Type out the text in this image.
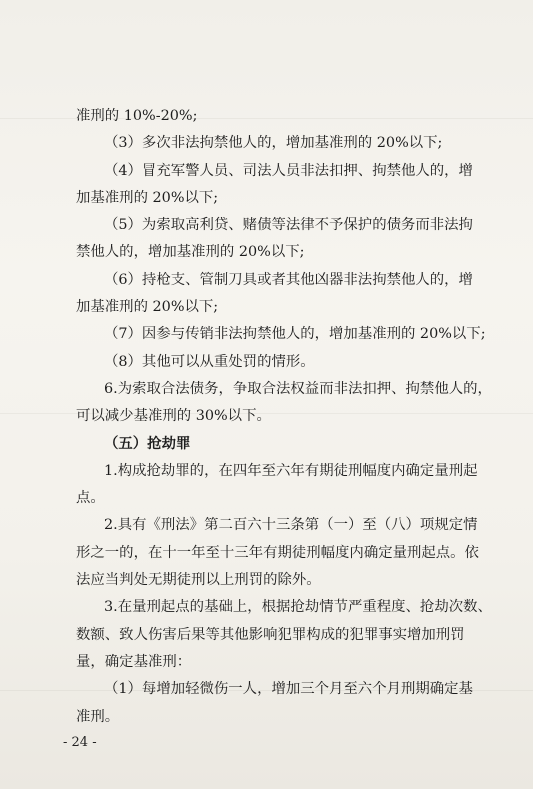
准刑的 10%-20%;
（3）多次非法拘禁他人的，增加基准刑的 20%以下;
（4）冒充军警人员、司法人员非法扣押、拘禁他人的，增
加基准刑的 20%以下;
（5）为索取高利贷、赌债等法律不予保护的债务而非法拘
禁他人的，增加基准刑的 20%以下;
（6）持枪支、管制刀具或者其他凶器非法拘禁他人的，增
加基准刑的 20%以下;
（7）因参与传销非法拘禁他人的，增加基准刑的 20%以下;
（8）其他可以从重处罚的情形。
6.为索取合法债务，争取合法权益而非法扣押、拘禁他人的，
可以减少基准刑的 30%以下。
（五）抢劫罪
1.构成抢劫罪的，在四年至六年有期徒刑幅度内确定量刑起
点。
2.具有《刑法》第二百六十三条第（一）至（八）项规定情
形之一的，在十一年至十三年有期徒刑幅度内确定量刑起点。依
法应当判处无期徒刑以上刑罚的除外。
3.在量刑起点的基础上，根据抢劫情节严重程度、抢劫次数、
数额、致人伤害后果等其他影响犯罪构成的犯罪事实增加刑罚
量，确定基准刑：
（1）每增加轻微伤一人，增加三个月至六个月刑期确定基
准刑。
- 24 -
